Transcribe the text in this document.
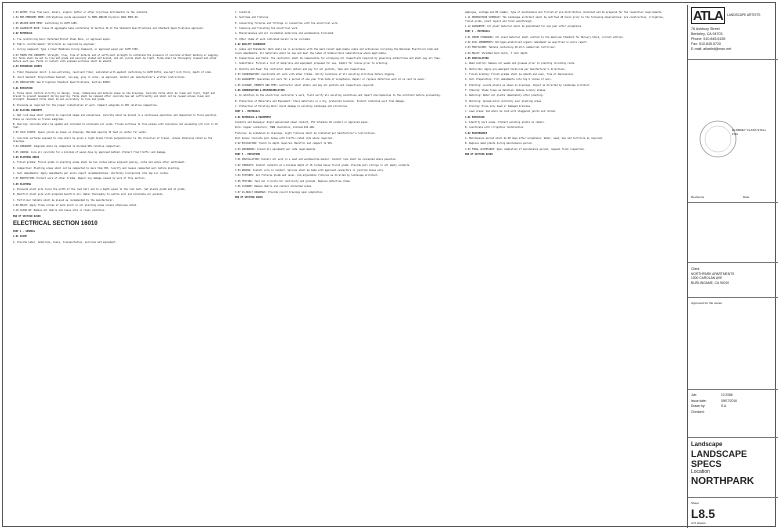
1.03 WATER: Free from pool, alkali, organic matter or other injurious detrimental to the contents.

1.04 PRE-EMERGENT HERB: Ultrahydrous oxide equivalent to MSMA AND/OR Oryzalin USDA EPPS-90.

1.05 WELDED WIRE MESH: Conforming to ASTM A185.

1.06 AGGREGATE BASE: Class II aggregate base conforming to Section 26 of the Standard Specifications and Standard Specifications approved.

2.02 MATERIALS

A. Tie-reinforcing bars: Deformed Billet Steel Bars, or approved equal.

B. Fabric reinforcement: Structural as required by engineer.

C. Curing compound: Type 1 Clear Membrane Curing Compound, or approved equal per ASTM C309.

2.03 FORMS FOR CONCRETE: Straight, true, free of defects and of sufficient strength to withstand the pressure of concrete without bending or sagging. All forms shall be set to line and grade and securely staked and braced, and all joints shall be tight. Forms shall be thoroughly cleaned and oiled before each use. Forms in contact with exposed surfaces shall be smooth.

2.04 EXPANSION JOINTS

A. Fiber Expansion Joint: A non-extruding, resilient fiber, saturated with asphalt conforming to ASTM D1751, one-half inch thick, depth of slab.

B. Joint Sealant: Polyurethane Sealant, non-sag, gray in color, as approved. Install per manufacturer's written instructions.

2.05 IRRIGATION: See Irrigation Standard Specifications, Section 02810.

3.01 EXECUTION

A. Forms shall conform strictly to design, lines, dimensions and details shown on the drawings. Concrete forms shall be clean and rigid, tight and braced to prevent movement during pouring. Forms shall be removed after concrete has set sufficiently and shall not be reused unless clean and straight. Pavement forms shall be set accurately to line and grade.

B. Excavate as required for the proper installation of work. Compact subgrade to 90% relative compaction.

3.02 PLACING CONCRETE

A. Wet curb base shall conform to required shape and elevations. Concrete shall be placed in a continuous operation and deposited in final position. Place no concrete on frozen subgrade.

B. Pouring: Concrete shall be spaded and vibrated to eliminate all voids. Finish surfaces to true planes with tolerance not exceeding 1/8 inch in 10 feet.

3.03 COLD JOINTS: Space joints as shown on drawings. Maximum spacing 10 feet on center for walks.

C. Concrete surfaces exposed to view shall be given a light broom finish perpendicular to the direction of travel, unless otherwise noted on the drawings.

3.04 SUBGRADE: Subgrade shall be compacted to minimum 90% relative compaction.

3.05 CURING: Cure all concrete for a minimum of seven days by approved method. Protect from traffic and damage.

3.06 PLANTING AREAS

A. Finish grades: Finish grade in planting areas shall be two inches below adjacent paving, curbs and walks after settlement.

B. Compaction: Planting areas shall not be compacted to more than 85%. Scarify and loosen compacted soil before planting.

C. Soil amendments: Apply amendments per soils report recommendations. Uniformly incorporate into top six inches.

3.07 PROTECTION: Protect work of other trades. Repair any damage caused by work of this section.

3.08 PLANTING

A. Excavate plant pits twice the width of the root ball and to a depth equal to the root ball. Set plants plumb and at grade.

B. Backfill plant pits with prepared backfill mix. Water thoroughly to settle soil and eliminate air pockets.

C. Fertilizer tablets shall be placed as recommended by the manufacturer.

3.09 MULCH: Apply three inches of bark mulch in all planting areas unless otherwise noted.

3.10 CLEAN UP: Remove all debris and leave site in clean condition.

END OF SECTION 02900

ELECTRICAL SECTION 16010

PART 1 - GENERAL

1.01 SCOPE

A. Provide labor, materials, tools, transportation, services and equipment.

C. Conduits.

D. Switches and fixtures.

E. Connecting fixtures and fittings in connection with the electrical work.

F. Sleeving and finishing the electrical work.

G. Miscellaneous and all incidental materials and workmanship furnished.

H. Other items of work indicated herein to be included.

1.02 QUALITY ASSURANCE

A. Codes and Standards: Work shall be in accordance with the most recent applicable codes and ordinances including the National Electrical Code and local amendments. All materials shall be new and bear the label of Underwriters Laboratories where applicable.

B. Inspections and Tests: The contractor shall be responsible for arranging all inspections required by governing authorities and shall pay all fees.

C. Submittals: Furnish a list of materials and equipment proposed for use. Submit for review prior to ordering.

D. Permits and Fees: The contractor shall obtain and pay for all permits, fees and inspections.

1.03 COORDINATION: Coordinate all work with other trades. Verify locations of all existing utilities before digging.

1.04 GUARANTEE: Guarantee all work for a period of one year from date of acceptance. Repair or replace defective work at no cost to owner.

1.05 CLEANUP, PERMITS AND FEES: Contractor shall obtain and pay all permits and inspections required.

1.06 COORDINATION & RESPONSIBILITIES

A. In addition to the electrical contractor's work, field verify all existing conditions and report discrepancies to the architect before proceeding.

B. Protection of Materials and Equipment: Store materials in a dry, protected location. Protect installed work from damage.

C. Protection of Existing Work: Avoid damage to existing landscape and structures.

PART 2 - MATERIALS

2.01 MATERIALS & EQUIPMENT

Conduits and Raceways: Rigid galvanized steel conduit, PVC Schedule 40 conduit or approved equal.

Wire: Copper conductors, THWN insulation, minimum #12 AWG.

Fixtures: As scheduled on drawings. Light fixtures shall be installed per manufacturer's instructions.

Pull boxes: Concrete pull boxes with traffic-rated lids where required.

2.02 EXCAVATION: Trench to depth required. Backfill and compact to 90%.

2.03 GROUNDING: Ground all equipment per code requirements.

PART 3 - EXECUTION

3.01 INSTALLATION: Install all work in a neat and workmanlike manner. Conduit runs shall be concealed where possible.

3.02 CONDUITS: Install conduits at a minimum depth of 18 inches below finish grade. Provide pull strings in all empty conduits.

3.03 WIRING: Install wire in conduit. Splices shall be made with approved connectors in junction boxes only.

3.04 FIXTURES: Set fixtures plumb and level. Aim adjustable fixtures as directed by landscape architect.

3.05 TESTING: Test all circuits for continuity and grounds. Replace defective items.

3.06 CLEANUP: Remove debris and restore disturbed areas.

3.07 AS-BUILT DRAWINGS: Provide record drawings upon completion.

END OF SECTION 16010

employee, voltage and PR number, type of maintenance and furnish of pre-distribution installed and be prepared for the resolution requirements.

1.11 OBSERVATION SCHEDULE: The landscape architect shall be notified 48 hours prior to the following observations: pre-construction, irrigation, finish grade, plant layout and final walkthrough.

1.12 GUARANTEE: All plant material shall be guaranteed for one year after acceptance.

PART 2 - MATERIALS

2.01 SHRUB STANDARDS: All plant material shall conform to the American Standard for Nursery Stock, current edition.

2.02 SOIL AMENDMENTS: Nitrogen-stabilized organic amendment as specified in soils report.

2.03 FERTILIZER: Tablets containing 20-10-5 commercial fertilizer.

2.04 MULCH: Shredded bark mulch, 3 inch depth.

2.05 INSTALLATION

A. Weed Control: Remove all weeds and grasses prior to planting including roots.

B. Herbicide: Apply pre-emergent herbicide per manufacturer's directions.

C. Finish Grading: Finish grades shall be smooth and even, free of depressions.

D. Soil Preparation: Till amendments into top 6 inches of soil.

E. Planting: Locate plants as shown on drawings. Adjust as directed by landscape architect.

F. Staking: Stake trees as detailed. Remove nursery stakes.

G. Watering: Water all plants immediately after planting.

H. Mulching: Spread mulch uniformly over planting areas.

I. Pruning: Prune only dead or damaged branches.

J. Lawn Areas: Sod shall be laid with staggered joints and rolled.

3.01 EXECUTION

A. Identify work areas. Protect existing plants to remain.

B. Coordinate with irrigation installation.

3.02 MAINTENANCE

A. Maintenance period shall be 90 days after acceptance. Water, weed, mow and fertilize as required.

B. Replace dead plants during maintenance period.

3.03 FINAL ACCEPTANCE: Upon completion of maintenance period, request final inspection.

END OF SECTION 02900

ATLA	LANDSCAPE ARTISTS
76 Ashbury Street
Berkeley, CA 94703
Phone: 510.845.6155
Fax: 510.845.5720
E-mail: atlartist@msn.net
ELSBREY CLASS STALL FUA
Revisions	Date
Client
NORTHPARK APARTMENTS
1000 CAROLAN AVE
BURLINGAME, CA 94010
Approved for the owner
Job:	10 2086
Issue date:	09/07/2016
Drawn by:	S.A.
Checked:
Landscape
LANDSCAPE SPECS
Location
NORTHPARK
Sheet
L8.5
of 6 sheets
